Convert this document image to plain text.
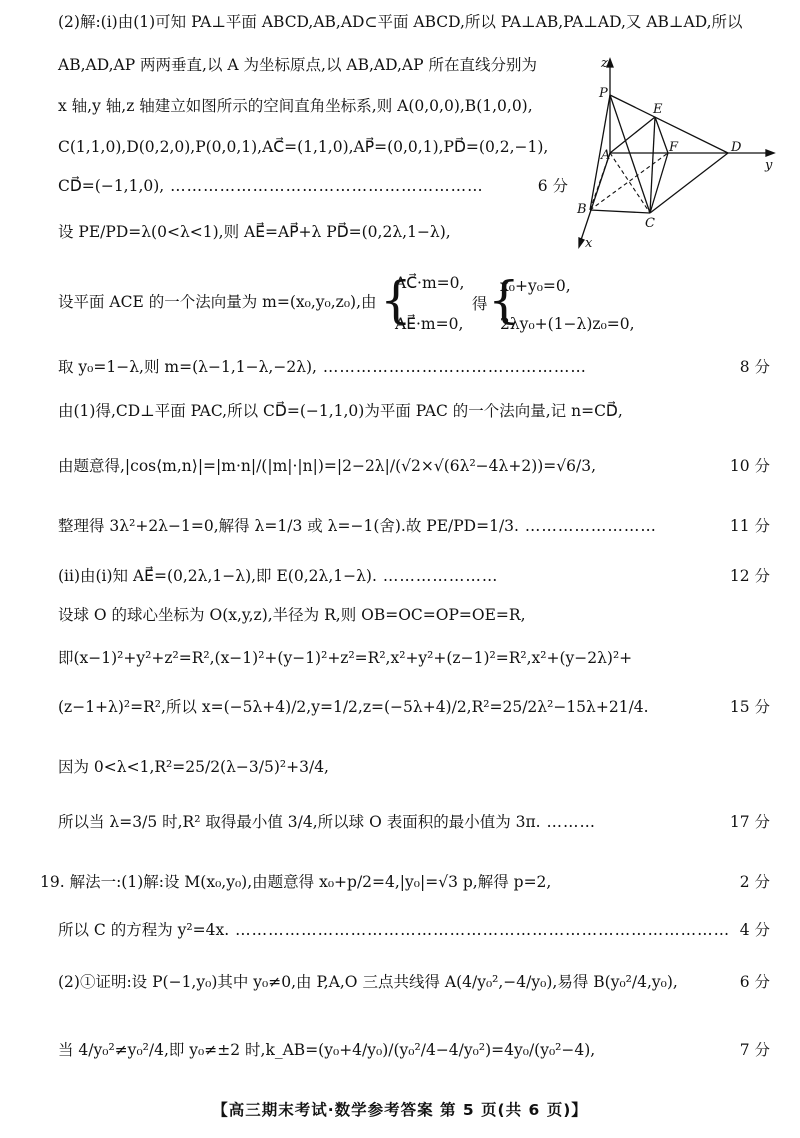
(2)解:(i)由(1)可知 PA⊥平面 ABCD,AB,AD⊂平面 ABCD,所以 PA⊥AB,PA⊥AD,又 AB⊥AD,所以
AB,AD,AP 两两垂直,以 A 为坐标原点,以 AB,AD,AP 所在直线分别为
x 轴,y 轴,z 轴建立如图所示的空间直角坐标系,则 A(0,0,0),B(1,0,0),
C(1,1,0),D(0,2,0),P(0,0,1),AC⃗=(1,1,0),AP⃗=(0,0,1),PD⃗=(0,2,−1),
CD⃗=(−1,1,0), …………………………………………………	6 分
设 PE/PD=λ(0<λ<1),则 AE⃗=AP⃗+λ PD⃗=(0,2λ,1−λ),
设平面 ACE 的一个法向量为 m=(x₀,y₀,z₀),由 {
AC⃗·m=0,
AE⃗·m=0,
得 {
x₀+y₀=0,
2λy₀+(1−λ)z₀=0,
取 y₀=1−λ,则 m=(λ−1,1−λ,−2λ), …………………………………………	8 分
由(1)得,CD⊥平面 PAC,所以 CD⃗=(−1,1,0)为平面 PAC 的一个法向量,记 n=CD⃗,
由题意得,|cos⟨m,n⟩|=|m·n|/(|m|·|n|)=|2−2λ|/(√2×√(6λ²−4λ+2))=√6/3,	10 分
整理得 3λ²+2λ−1=0,解得 λ=1/3 或 λ=−1(舍).故 PE/PD=1/3. ……………………	11 分
(ii)由(i)知 AE⃗=(0,2λ,1−λ),即 E(0,2λ,1−λ). …………………	12 分
设球 O 的球心坐标为 O(x,y,z),半径为 R,则 OB=OC=OP=OE=R,
即(x−1)²+y²+z²=R²,(x−1)²+(y−1)²+z²=R²,x²+y²+(z−1)²=R²,x²+(y−2λ)²+
(z−1+λ)²=R²,所以 x=(−5λ+4)/2,y=1/2,z=(−5λ+4)/2,R²=25/2λ²−15λ+21/4.	15 分
因为 0<λ<1,R²=25/2(λ−3/5)²+3/4,
所以当 λ=3/5 时,R² 取得最小值 3/4,所以球 O 表面积的最小值为 3π. ………	17 分
19. 解法一:(1)解:设 M(x₀,y₀),由题意得 x₀+p/2=4,|y₀|=√3 p,解得 p=2,	2 分
所以 C 的方程为 y²=4x. ……………………………………………………………………………… 4 分
(2)①证明:设 P(−1,y₀)其中 y₀≠0,由 P,A,O 三点共线得 A(4/y₀²,−4/y₀),易得 B(y₀²/4,y₀),	6 分
当 4/y₀²≠y₀²/4,即 y₀≠±2 时,k_AB=(y₀+4/y₀)/(y₀²/4−4/y₀²)=4y₀/(y₀²−4),	7 分
z
y
x
P
E
A
F	D
B
C
【高三期末考试·数学参考答案 第 5 页(共 6 页)】
